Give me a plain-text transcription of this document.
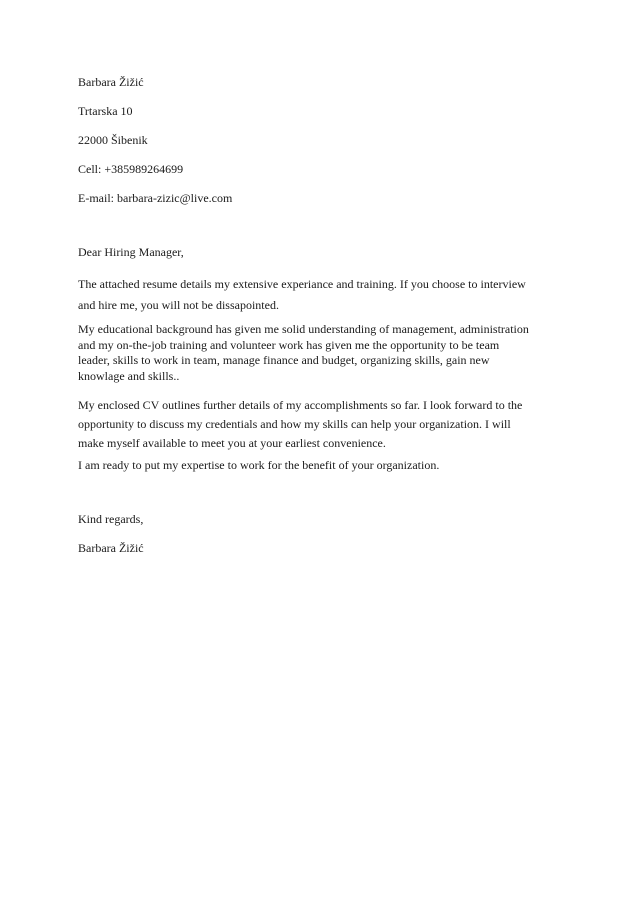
Barbara Žižić
Trtarska 10
22000 Šibenik
Cell: +385989264699
E-mail: barbara-zizic@live.com
Dear Hiring Manager,
The attached resume details my extensive experiance and training. If you choose to interview
and hire me, you will not be dissapointed.
My educational background has given me solid understanding of management, administration
and my on-the-job training and volunteer work has given me the opportunity to be team
leader, skills to work in team, manage finance and budget, organizing skills, gain new
knowlage and skills..
My enclosed CV outlines further details of my accomplishments so far. I look forward to the
opportunity to discuss my credentials and how my skills can help your organization. I will
make myself available to meet you at your earliest convenience.
I am ready to put my expertise to work for the benefit of your organization.
Kind regards,
Barbara Žižić
